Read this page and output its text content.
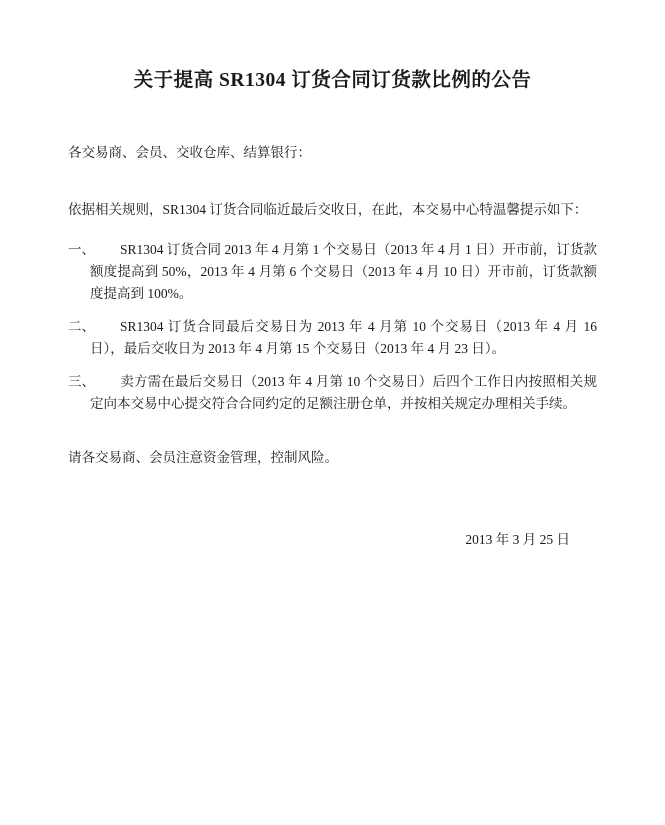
关于提高 SR1304 订货合同订货款比例的公告
各交易商、会员、交收仓库、结算银行：
依据相关规则，SR1304 订货合同临近最后交收日，在此，本交易中心特温馨提示如下：
一、 SR1304 订货合同 2013 年 4 月第 1 个交易日（2013 年 4 月 1 日）开市前，订货款额度提高到 50%，2013 年 4 月第 6 个交易日（2013 年 4 月 10 日）开市前，订货款额度提高到 100%。
二、 SR1304 订货合同最后交易日为 2013 年 4 月第 10 个交易日（2013 年 4 月 16 日），最后交收日为 2013 年 4 月第 15 个交易日（2013 年 4 月 23 日）。
三、 卖方需在最后交易日（2013 年 4 月第 10 个交易日）后四个工作日内按照相关规定向本交易中心提交符合合同约定的足额注册仓单，并按相关规定办理相关手续。
请各交易商、会员注意资金管理，控制风险。
2013 年 3 月 25 日
